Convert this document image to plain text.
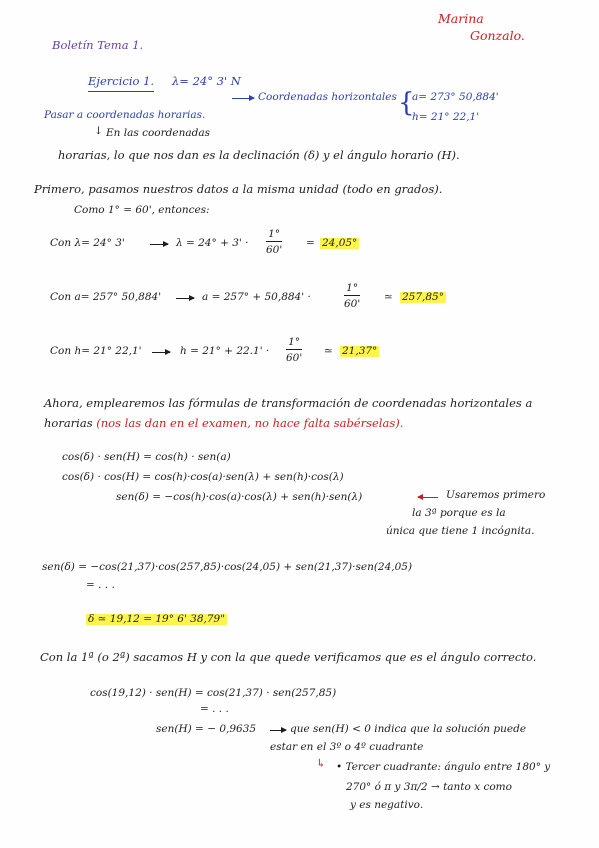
Marina
Gonzalo.
Boletín Tema 1.
Ejercicio 1. λ= 24° 3' N
Coordenadas horizontales {
a= 273° 50,884'
h= 21° 22,1'
Pasar a coordenadas horarias.
↓ En las coordenadas
horarias, lo que nos dan es la declinación (δ) y el ángulo horario (H).
Primero, pasamos nuestros datos a la misma unidad (todo en grados).
Como 1° = 60', entonces:
Con λ= 24° 3'	$\lambda = 24^\circ + 3' \cdot \frac{1^\circ}{60'} = 24,05^\circ$
Con a= 257° 50,884'	a = 257° + 50,884' ·	$\frac{1^\circ}{60'}$ ≃ 257,85°
Con h= 21° 22,1'	$h = 21^\circ + 22.1' \cdot \frac{1^\circ}{60'}$ ≃ 21,37°
Ahora, emplearemos las fórmulas de transformación de coordenadas horizontales a
horarias (nos las dan en el examen, no hace falta sabérselas).
cos(δ) · sen(H) = cos(h) · sen(a)
cos(δ) · cos(H) = cos(h)·cos(a)·sen(λ) + sen(h)·cos(λ)
sen(δ) = −cos(h)·cos(a)·cos(λ) + sen(h)·sen(λ)	Usaremos primero
la 3ª porque es la
única que tiene 1 incógnita.
sen(δ) = −cos(21,37)·cos(257,85)·cos(24,05) + sen(21,37)·sen(24,05)
= . . .
δ ≃ 19,12 = 19° 6' 38,79"
Con la 1ª (o 2ª) sacamos H y con la que quede verificamos que es el ángulo correcto.
cos(19,12) · sen(H) = cos(21,37) · sen(257,85)
= . . .
sen(H) = − 0,9635	que sen(H) < 0 indica que la solución puede
estar en el 3º o 4º cuadrante
↳ • Tercer cuadrante: ángulo entre 180° y
270° ó π y 3π/2 → tanto x como
y es negativo.
